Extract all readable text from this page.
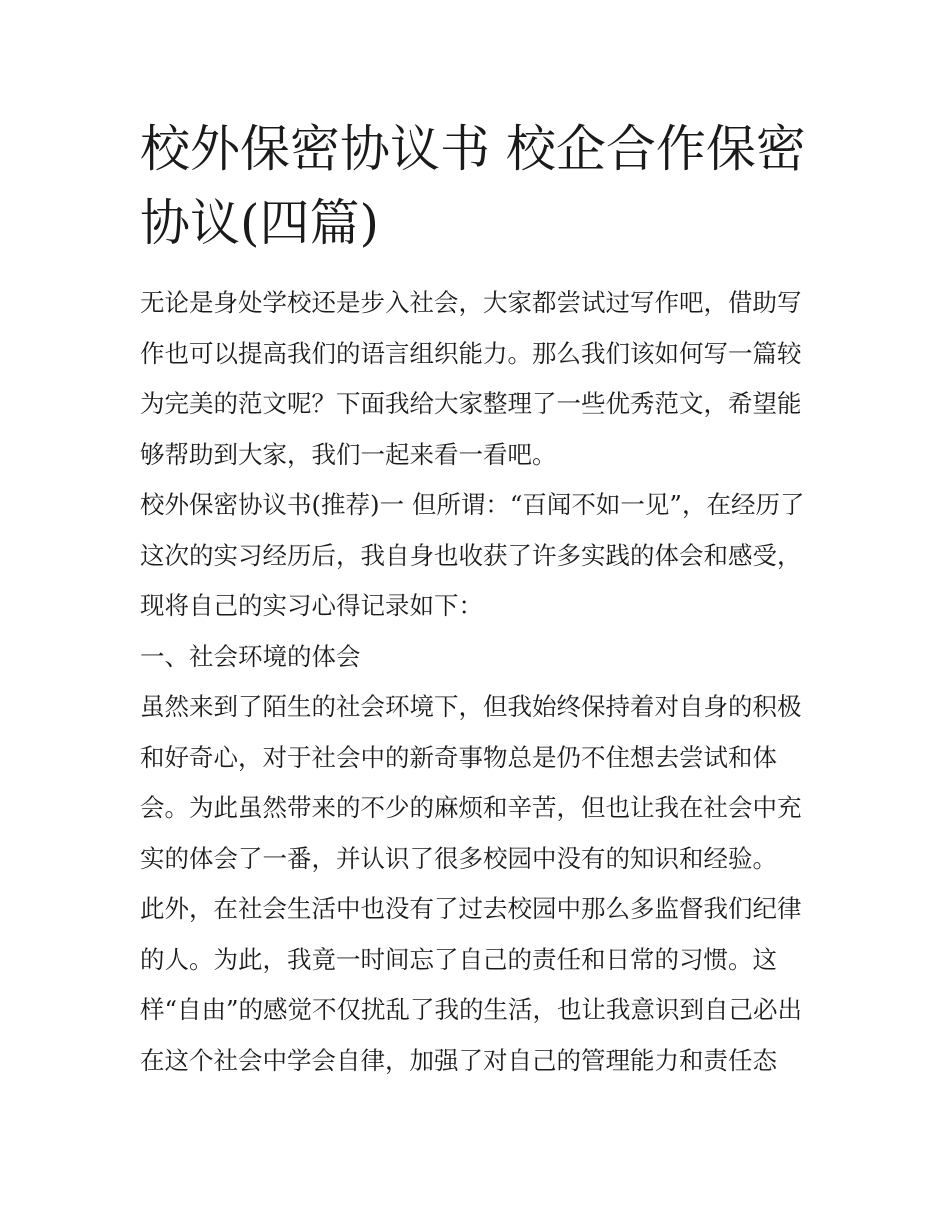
校外保密协议书 校企合作保密
协议(四篇)
无论是身处学校还是步入社会，大家都尝试过写作吧，借助写
作也可以提高我们的语言组织能力。那么我们该如何写一篇较
为完美的范文呢？下面我给大家整理了一些优秀范文，希望能
够帮助到大家，我们一起来看一看吧。
校外保密协议书(推荐)一 但所谓：“百闻不如一见”，在经历了
这次的实习经历后，我自身也收获了许多实践的体会和感受，
现将自己的实习心得记录如下：
一、社会环境的体会
虽然来到了陌生的社会环境下，但我始终保持着对自身的积极
和好奇心，对于社会中的新奇事物总是仍不住想去尝试和体
会。为此虽然带来的不少的麻烦和辛苦，但也让我在社会中充
实的体会了一番，并认识了很多校园中没有的知识和经验。
此外，在社会生活中也没有了过去校园中那么多监督我们纪律
的人。为此，我竟一时间忘了自己的责任和日常的习惯。这
样“自由”的感觉不仅扰乱了我的生活，也让我意识到自己必出
在这个社会中学会自律，加强了对自己的管理能力和责任态
